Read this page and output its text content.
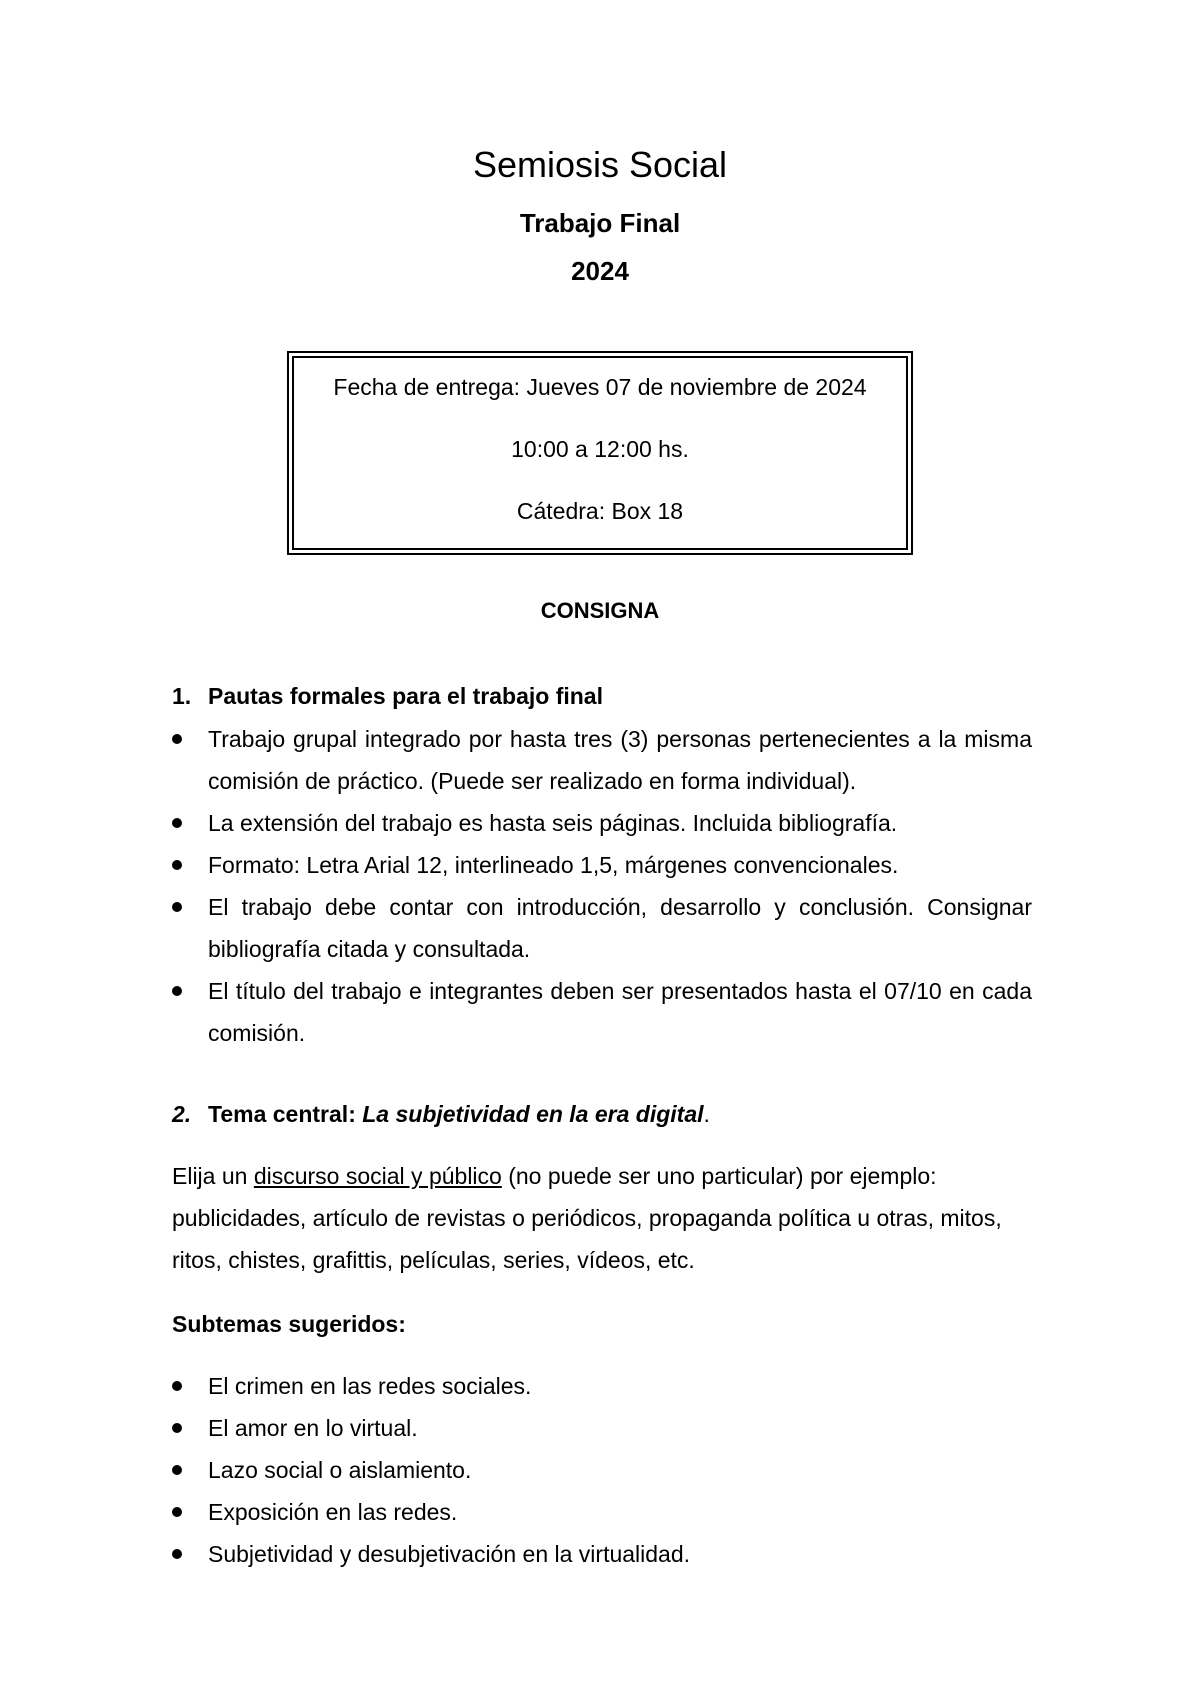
Semiosis Social
Trabajo Final
2024
Fecha de entrega: Jueves 07 de noviembre de 2024
10:00 a 12:00 hs.
Cátedra: Box 18
CONSIGNA
1. Pautas formales para el trabajo final
Trabajo grupal integrado por hasta tres (3) personas pertenecientes a la misma comisión de práctico. (Puede ser realizado en forma individual).
La extensión del trabajo es hasta seis páginas. Incluida bibliografía.
Formato: Letra Arial 12, interlineado 1,5, márgenes convencionales.
El trabajo debe contar con introducción, desarrollo y conclusión. Consignar bibliografía citada y consultada.
El título del trabajo e integrantes deben ser presentados hasta el 07/10 en cada comisión.
2. Tema central: La subjetividad en la era digital.
Elija un discurso social y público (no puede ser uno particular) por ejemplo: publicidades, artículo de revistas o periódicos, propaganda política u otras, mitos, ritos, chistes, grafittis, películas, series, vídeos, etc.
Subtemas sugeridos:
El crimen en las redes sociales.
El amor en lo virtual.
Lazo social o aislamiento.
Exposición en las redes.
Subjetividad y desubjetivación en la virtualidad.
